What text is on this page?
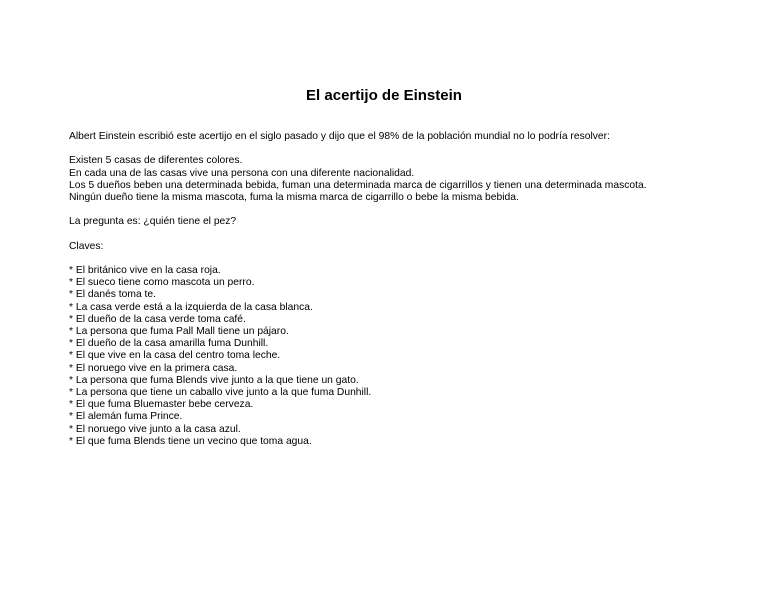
El acertijo de Einstein
Albert Einstein escribió este acertijo en el siglo pasado y dijo que el 98% de la población mundial no lo podría resolver:
Existen 5 casas de diferentes colores.
En cada una de las casas vive una persona con una diferente nacionalidad.
Los 5 dueños beben una determinada bebida, fuman una determinada marca de cigarrillos y tienen una determinada mascota.
Ningún dueño tiene la misma mascota, fuma la misma marca de cigarrillo o bebe la misma bebida.
La pregunta es: ¿quién tiene el pez?
Claves:
* El británico vive en la casa roja.
* El sueco tiene como mascota un perro.
* El danés toma te.
* La casa verde está a la izquierda de la casa blanca.
* El dueño de la casa verde toma café.
* La persona que fuma Pall Mall tiene un pájaro.
* El dueño de la casa amarilla fuma Dunhill.
* El que vive en la casa del centro toma leche.
* El noruego vive en la primera casa.
* La persona que fuma Blends vive junto a la que tiene un gato.
* La persona que tiene un caballo vive junto a la que fuma Dunhill.
* El que fuma Bluemaster bebe cerveza.
* El alemán fuma Prince.
* El noruego vive junto a la casa azul.
* El que fuma Blends tiene un vecino que toma agua.
